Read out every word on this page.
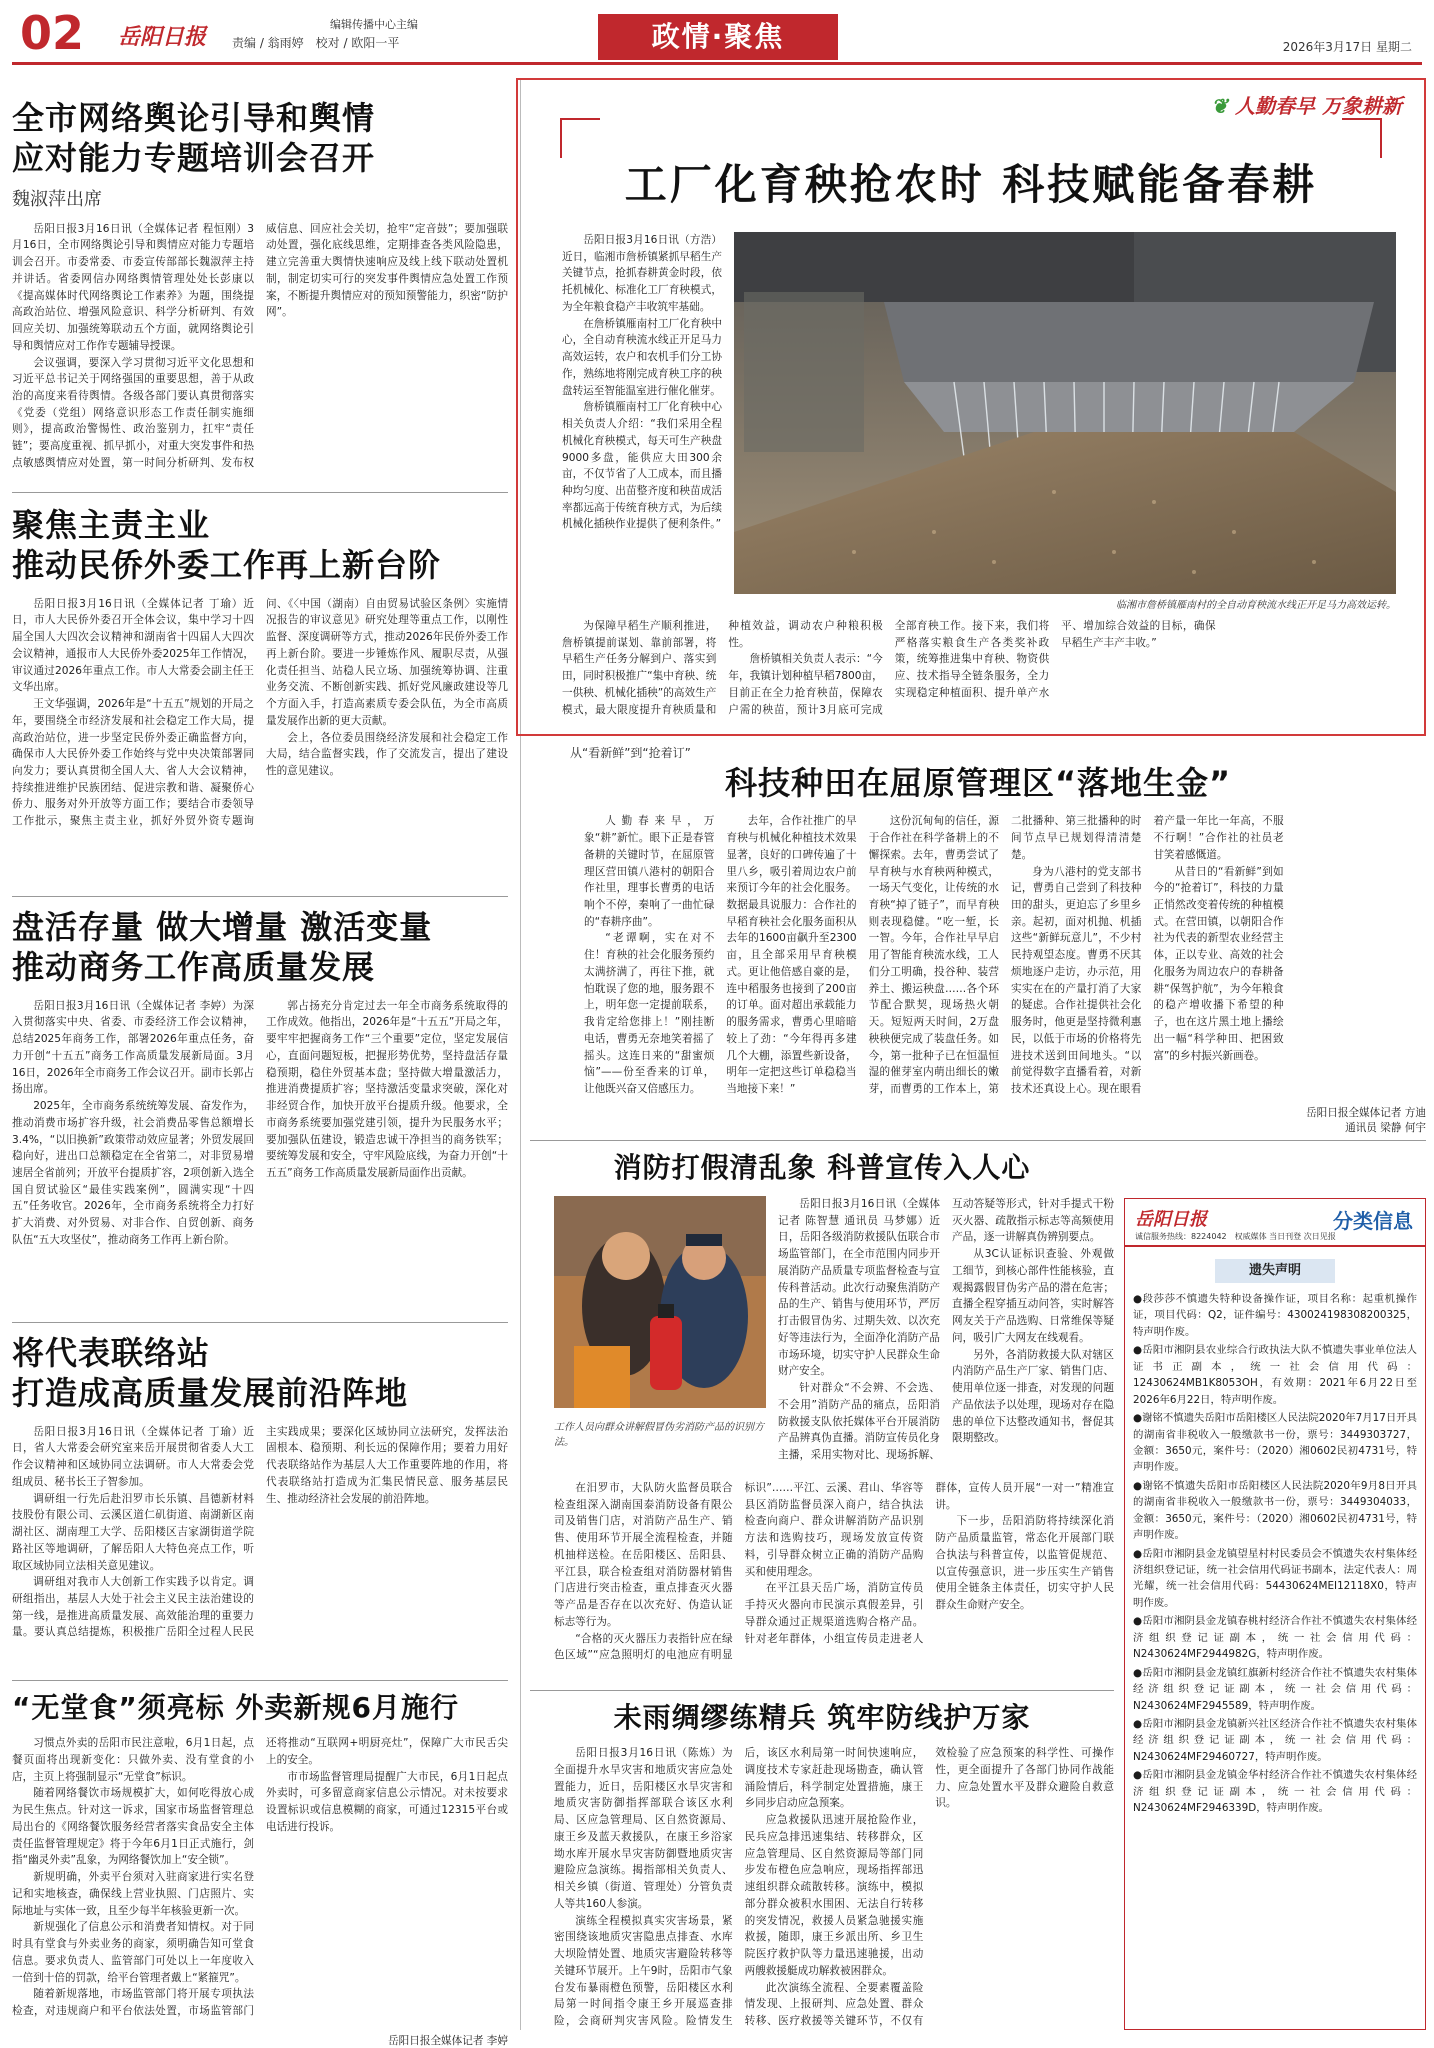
02 岳阳日报	编辑传播中心主编
责编 / 翁雨婷　校对 / 欧阳一平	政情·聚焦	2026年3月17日 星期二
全市网络舆论引导和舆情
应对能力专题培训会召开
魏淑萍出席

岳阳日报3月16日讯（全媒体记者 程恒刚）3月16日，全市网络舆论引导和舆情应对能力专题培训会召开。市委常委、市委宣传部部长魏淑萍主持并讲话。省委网信办网络舆情管理处处长彭康以《提高媒体时代网络舆论工作素养》为题，围绕提高政治站位、增强风险意识、科学分析研判、有效回应关切、加强统筹联动五个方面，就网络舆论引导和舆情应对工作作专题辅导授课。

会议强调，要深入学习贯彻习近平文化思想和习近平总书记关于网络强国的重要思想，善于从政治的高度来看待舆情。各级各部门要认真贯彻落实《党委（党组）网络意识形态工作责任制实施细则》，提高政治警惕性、政治鉴别力，扛牢“责任链”；要高度重视、抓早抓小，对重大突发事件和热点敏感舆情应对处置，第一时间分析研判、发布权威信息、回应社会关切，抢牢“定音鼓”；要加强联动处置，强化底线思维，定期排查各类风险隐患，建立完善重大舆情快速响应及线上线下联动处置机制，制定切实可行的突发事件舆情应急处置工作预案，不断提升舆情应对的预知预警能力，织密“防护网”。

聚焦主责主业
推动民侨外委工作再上新台阶

岳阳日报3月16日讯（全媒体记者 丁瑜）近日，市人大民侨外委召开全体会议，集中学习十四届全国人大四次会议精神和湖南省十四届人大四次会议精神，通报市人大民侨外委2025年工作情况，审议通过2026年重点工作。市人大常委会副主任王文华出席。

王文华强调，2026年是“十五五”规划的开局之年，要围绕全市经济发展和社会稳定工作大局，提高政治站位，进一步坚定民侨外委正确监督方向，确保市人大民侨外委工作始终与党中央决策部署同向发力；要认真贯彻全国人大、省人大会议精神，持续推进维护民族团结、促进宗教和谐、凝聚侨心侨力、服务对外开放等方面工作；要结合市委领导工作批示，聚焦主责主业，抓好外贸外资专题询问、《〈中国（湖南）自由贸易试验区条例〉实施情况报告的审议意见》研究处理等重点工作，以刚性监督、深度调研等方式，推动2026年民侨外委工作再上新台阶。要进一步锤炼作风、履职尽责，从强化责任担当、站稳人民立场、加强统筹协调、注重业务交流、不断创新实践、抓好党风廉政建设等几个方面入手，打造高素质专委会队伍，为全市高质量发展作出新的更大贡献。

会上，各位委员围绕经济发展和社会稳定工作大局，结合监督实践，作了交流发言，提出了建设性的意见建议。

盘活存量 做大增量 激活变量
推动商务工作高质量发展

岳阳日报3月16日讯（全媒体记者 李婷）为深入贯彻落实中央、省委、市委经济工作会议精神，总结2025年商务工作，部署2026年重点任务，奋力开创“十五五”商务工作高质量发展新局面。3月16日，2026年全市商务工作会议召开。副市长郭占扬出席。

2025年，全市商务系统统筹发展、奋发作为，推动消费市场扩容升级，社会消费品零售总额增长3.4%，“以旧换新”政策带动效应显著；外贸发展回稳向好，进出口总额稳定在全省第二，对非贸易增速居全省前列；开放平台提质扩容，2项创新入选全国自贸试验区“最佳实践案例”，圆满实现“十四五”任务收官。2026年，全市商务系统将全力打好扩大消费、对外贸易、对非合作、自贸创新、商务队伍“五大攻坚仗”，推动商务工作再上新台阶。

郭占扬充分肯定过去一年全市商务系统取得的工作成效。他指出，2026年是“十五五”开局之年，要牢牢把握商务工作“三个重要”定位，坚定发展信心，直面问题短板，把握形势优势，坚持盘活存量稳预期，稳住外贸基本盘；坚持做大增量激活力，推进消费提质扩容；坚持激活变量求突破，深化对非经贸合作，加快开放平台提质升级。他要求，全市商务系统要加强党建引领，提升为民服务水平；要加强队伍建设，锻造忠诚干净担当的商务铁军；要统筹发展和安全，守牢风险底线，为奋力开创“十五五”商务工作高质量发展新局面作出贡献。

将代表联络站
打造成高质量发展前沿阵地

岳阳日报3月16日讯（全媒体记者 丁瑜）近日，省人大常委会研究室来岳开展贯彻省委人大工作会议精神和区域协同立法调研。市人大常委会党组成员、秘书长王子智参加。

调研组一行先后赴汨罗市长乐镇、昌德新材料技股份有限公司、云溪区道仁矶街道、南湖新区南湖社区、湖南理工大学、岳阳楼区吉家湖街道学院路社区等地调研，了解岳阳人大特色亮点工作，听取区域协同立法相关意见建议。

调研组对我市人大创新工作实践予以肯定。调研组指出，基层人大处于社会主义民主法治建设的第一线，是推进高质量发展、高效能治理的重要力量。要认真总结提炼，积极推广岳阳全过程人民民主实践成果；要深化区域协同立法研究，发挥法治固根本、稳预期、利长远的保障作用；要着力用好代表联络站作为基层人大工作重要阵地的作用，将代表联络站打造成为汇集民情民意、服务基层民生、推动经济社会发展的前沿阵地。

“无堂食”须亮标 外卖新规6月施行

习惯点外卖的岳阳市民注意啦，6月1日起，点餐页面将出现新变化：只做外卖、没有堂食的小店，主页上将强制显示“无堂食”标识。

随着网络餐饮市场规模扩大，如何吃得放心成为民生焦点。针对这一诉求，国家市场监督管理总局出台的《网络餐饮服务经营者落实食品安全主体责任监督管理规定》将于今年6月1日正式施行，剑指“幽灵外卖”乱象，为网络餐饮加上“安全锁”。

新规明确，外卖平台须对入驻商家进行实名登记和实地核查，确保线上营业执照、门店照片、实际地址与实体一致，且至少每半年核验更新一次。

新规强化了信息公示和消费者知情权。对于同时具有堂食与外卖业务的商家，须明确告知可堂食信息。要求负责人、监管部门可处以上一年度收入一倍到十倍的罚款，给平台管理者戴上“紧箍咒”。

随着新规落地，市场监管部门将开展专项执法检查，对违规商户和平台依法处置，市场监管部门还将推动“互联网+明厨亮灶”，保障广大市民舌尖上的安全。

市市场监督管理局提醒广大市民，6月1日起点外卖时，可多留意商家信息公示情况。对未按要求设置标识或信息模糊的商家，可通过12315平台或电话进行投诉。

岳阳日报全媒体记者 李婷
❦ 人勤春早 万象耕新
工厂化育秧抢农时 科技赋能备春耕

岳阳日报3月16日讯（方浩）近日，临湘市詹桥镇紧抓早稻生产关键节点，抢抓春耕黄金时段，依托机械化、标准化工厂育秧模式，为全年粮食稳产丰收筑牢基础。

在詹桥镇雁南村工厂化育秧中心，全自动育秧流水线正开足马力高效运转，农户和农机手们分工协作，熟练地将刚完成育秧工序的秧盘转运至智能温室进行催化催芽。

詹桥镇雁南村工厂化育秧中心相关负责人介绍：“我们采用全程机械化育秧模式，每天可生产秧盘9000多盘，能供应大田300余亩，不仅节省了人工成本，而且播种均匀度、出苗整齐度和秧苗成活率都远高于传统育秧方式，为后续机械化插秧作业提供了便利条件。”

为保障早稻生产顺利推进，詹桥镇提前谋划、靠前部署，将早稻生产任务分解到户、落实到田，同时积极推广“集中育秧、统一供秧、机械化插秧”的高效生产模式，最大限度提升育秧质量和种植效益，调动农户种粮积极性。

詹桥镇相关负责人表示：“今年，我镇计划种植早稻7800亩，目前正在全力抢育秧苗，保障农户需的秧苗，预计3月底可完成全部育秧工作。接下来，我们将严格落实粮食生产各类奖补政策，统筹推进集中育秧、物资供应、技术指导全链条服务，全力实现稳定种植面积、提升单产水平、增加综合效益的目标，确保早稻生产丰产丰收。”

临湘市詹桥镇雁南村的全自动育秧流水线正开足马力高效运转。
从“看新鲜”到“抢着订”
科技种田在屈原管理区“落地生金”

人勤春来早，万象“耕”新忙。眼下正是春管备耕的关键时节，在屈原管理区营田镇八港村的朝阳合作社里，理事长曹勇的电话响个不停，秦响了一曲忙碌的“春耕序曲”。

“老谭啊，实在对不住！育秧的社会化服务预约太满挤满了，再往下推，就怕耽误了您的地，服务跟不上，明年您一定提前联系，我肯定给您排上！”刚挂断电话，曹勇无奈地笑着摇了摇头。这连日来的“甜蜜烦恼”——份至香来的订单，让他既兴奋又倍感压力。

去年，合作社推广的早育秧与机械化种植技术效果显著，良好的口碑传遍了十里八乡，吸引着周边农户前来预订今年的社会化服务。数据最具说服力：合作社的早稻育秧社会化服务面积从去年的1600亩飙升至2300亩，且全部采用早育秧模式。更让他倍感自豪的是，连中稻服务也接到了200亩的订单。面对超出承载能力的服务需求，曹勇心里暗暗较上了劲：“今年得再多建几个大棚，添置些新设备，明年一定把这些订单稳稳当当地接下来！”

这份沉甸甸的信任，源于合作社在科学备耕上的不懈探索。去年，曹勇尝试了早育秧与水育秧两种模式，一场天气变化，让传统的水育秧“掉了链子”，而早育秧则表现稳健。“吃一堑，长一智。今年，合作社早早启用了智能育秧流水线，工人们分工明确，投谷种、装营养土、搬运秧盘……各个环节配合默契，现场热火朝天。短短两天时间，2万盘秧秧便完成了装盘任务。如今，第一批种子已在恒温恒湿的催芽室内萌出细长的嫩芽，而曹勇的工作本上，第二批播种、第三批播种的时间节点早已规划得清清楚楚。

身为八港村的党支部书记，曹勇自己尝到了科技种田的甜头，更迫忘了乡里乡亲。起初，面对机抛、机插这些“新鲜玩意儿”，不少村民持观望态度。曹勇不厌其烦地逐户走访，办示范，用实实在在的产量打消了大家的疑虑。合作社提供社会化服务时，他更是坚持微利惠民，以低于市场的价格将先进技术送到田间地头。“以前觉得数字直播看着，对新技术还真设上心。现在眼看着产量一年比一年高，不服不行啊！”合作社的社员老甘笑着感慨道。

从昔日的“看新鲜”到如今的“抢着订”，科技的力量正悄然改变着传统的种植模式。在营田镇，以朝阳合作社为代表的新型农业经营主体，正以专业、高效的社会化服务为周边农户的春耕备耕“保驾护航”，为今年粮食的稳产增收播下希望的种子，也在这片黑土地上播绘出一幅“科学种田、把困致富”的乡村振兴新画卷。

岳阳日报全媒体记者 方迪
通讯员 梁静 何宇
消防打假清乱象 科普宣传入人心
工作人员向群众讲解假冒伪劣消防产品的识别方法。

岳阳日报3月16日讯（全媒体记者 陈智慧 通讯员 马梦娜）近日，岳阳各级消防救援队伍联合市场监管部门，在全市范围内同步开展消防产品质量专项监督检查与宣传科普活动。此次行动聚焦消防产品的生产、销售与使用环节，严厉打击假冒伪劣、过期失效、以次充好等违法行为，全面净化消防产品市场环境，切实守护人民群众生命财产安全。

针对群众“不会辨、不会选、不会用”消防产品的痛点，岳阳消防救援支队依托媒体平台开展消防产品辨真伪直播。消防宣传员化身主播，采用实物对比、现场拆解、互动答疑等形式，针对手提式干粉灭火器、疏散指示标志等高频使用产品，逐一讲解真伪辨别要点。

从3C认证标识查验、外观做工细节，到核心部件性能核验，直观揭露假冒伪劣产品的潜在危害；直播全程穿插互动问答，实时解答网友关于产品选购、日常维保等疑问，吸引广大网友在线观看。

另外，各消防救援大队对辖区内消防产品生产厂家、销售门店、使用单位逐一排查，对发现的问题产品依法予以处理，现场对存在隐患的单位下达整改通知书，督促其限期整改。

在汨罗市，大队防火监督员联合检查组深入湖南国泰消防设备有限公司及销售门店，对消防产品生产、销售、使用环节开展全流程检查，并随机抽样送检。在岳阳楼区、岳阳县、平江县，联合检查组对消防器材销售门店进行突击检查，重点排查灭火器等产品是否存在以次充好、伪造认证标志等行为。

“合格的灭火器压力表指针应在绿色区域”“应急照明灯的电池应有明显标识”……平江、云溪、君山、华容等县区消防监督员深入商户，结合执法检查向商户、群众讲解消防产品识别方法和选购技巧，现场发放宣传资料，引导群众树立正确的消防产品购买和使用理念。

在平江县天岳广场，消防宣传员手持灭火器向市民演示真假差异，引导群众通过正规渠道选购合格产品。针对老年群体，小组宣传员走进老人群体，宣传人员开展“一对一”精准宣讲。

下一步，岳阳消防将持续深化消防产品质量监管，常态化开展部门联合执法与科普宣传，以监管促规范、以宣传强意识，进一步压实生产销售使用全链条主体责任，切实守护人民群众生命财产安全。

未雨绸缪练精兵 筑牢防线护万家

岳阳日报3月16日讯（陈炼）为全面提升水旱灾害和地质灾害应急处置能力，近日，岳阳楼区水旱灾害和地质灾害防御指挥部联合该区水利局、区应急管理局、区自然资源局、康王乡及蓝天救援队，在康王乡浴家坳水库开展水旱灾害防御暨地质灾害避险应急演练。揭指部相关负责人、相关乡镇（街道、管理处）分管负责人等共160人参演。

演练全程模拟真实灾害场景，紧密围绕该地质灾害隐患点排查、水库大坝险情处置、地质灾害避险转移等关键环节展开。上午9时，岳阳市气象台发布暴雨橙色预警，岳阳楼区水利局第一时间指令康王乡开展巡查排险，会商研判灾害风险。险情发生后，该区水利局第一时间快速响应，调度技术专家赶赴现场勘查，确认管涌险情后，科学制定处置措施，康王乡同步启动应急预案。

应急救援队迅速开展抢险作业，民兵应急排迅速集结、转移群众，区应急管理局、区自然资源局等部门同步发布橙色应急响应，现场指挥部迅速组织群众疏散转移。演练中，模拟部分群众被积水围困、无法自行转移的突发情况，救援人员紧急驰援实施救援，随即，康王乡派出所、乡卫生院医疗救护队等力量迅速驰援，出动两艘救援艇成功解救被困群众。

此次演练全流程、全要素覆盖险情发现、上报研判、应急处置、群众转移、医疗救援等关键环节，不仅有效检验了应急预案的科学性、可操作性，更全面提升了各部门协同作战能力、应急处置水平及群众避险自救意识。

岳阳日报	分类信息
诚信服务热线：8224042　 权威媒体 当日刊登 次日见报
遗失声明

●段莎莎不慎遗失特种设备操作证，项目名称：起重机操作证，项目代码：Q2，证件编号：430024198308200325，特声明作废。

●岳阳市湘阴县农业综合行政执法大队不慎遗失事业单位法人证书正副本，统一社会信用代码：12430624MB1K8053OH，有效期：2021年6月22日至2026年6月22日，特声明作废。

●谢铭不慎遗失岳阳市岳阳楼区人民法院2020年7月17日开具的湖南省非税收入一般缴款书一份，票号：3449303727，金额：3650元，案件号：（2020）湘0602民初4731号，特声明作废。

●谢铭不慎遗失岳阳市岳阳楼区人民法院2020年9月8日开具的湖南省非税收入一般缴款书一份，票号：3449304033，金额：3650元，案件号：（2020）湘0602民初4731号，特声明作废。

●岳阳市湘阴县金龙镇望星村村民委员会不慎遗失农村集体经济组织登记证，统一社会信用代码证书副本，法定代表人：周光耀，统一社会信用代码：54430624MEI12118X0，特声明作废。

●岳阳市湘阴县金龙镇春桃村经济合作社不慎遗失农村集体经济组织登记证副本，统一社会信用代码：N2430624MF2944982G，特声明作废。

●岳阳市湘阴县金龙镇红旗新村经济合作社不慎遗失农村集体经济组织登记证副本，统一社会信用代码：N2430624MF2945589，特声明作废。

●岳阳市湘阴县金龙镇新兴社区经济合作社不慎遗失农村集体经济组织登记证副本，统一社会信用代码：N2430624MF29460727，特声明作废。

●岳阳市湘阴县金龙镇金华村经济合作社不慎遗失农村集体经济组织登记证副本，统一社会信用代码：N2430624MF2946339D，特声明作废。
